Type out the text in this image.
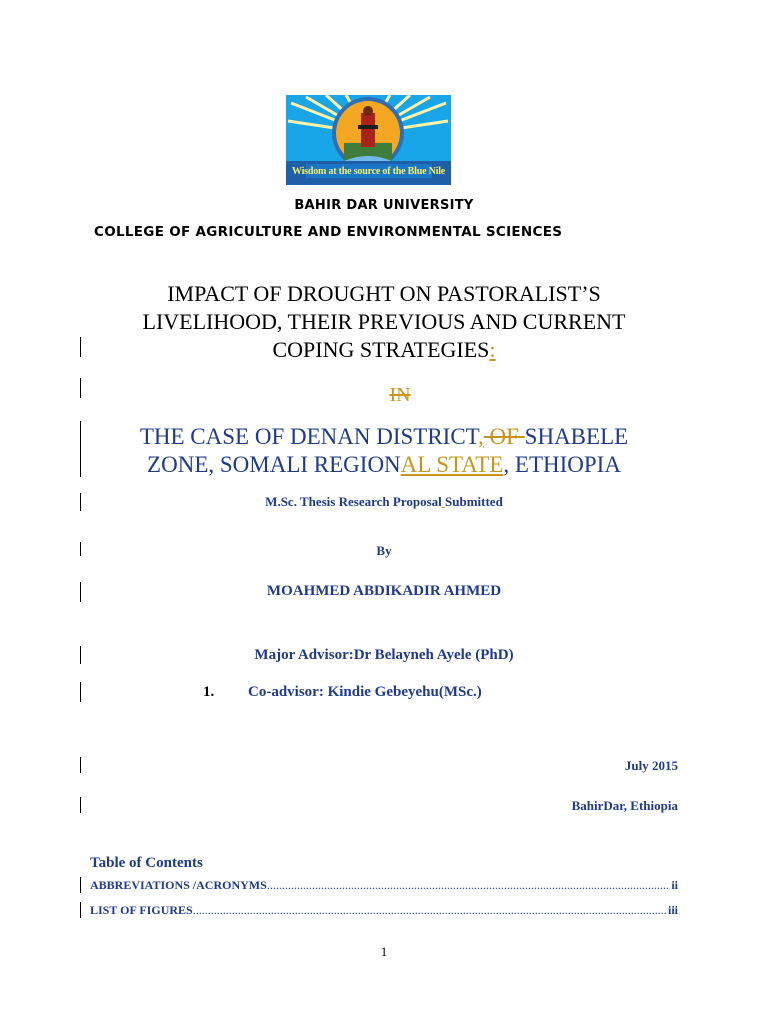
Wisdom at the source of the Blue Nile
BAHIR DAR UNIVERSITY
COLLEGE OF AGRICULTURE AND ENVIRONMENTAL SCIENCES
IMPACT OF DROUGHT ON PASTORALIST’S
LIVELIHOOD, THEIR PREVIOUS AND CURRENT
COPING STRATEGIES:
IN
THE CASE OF DENAN DISTRICT, OF SHABELE
ZONE, SOMALI REGIONAL STATE, ETHIOPIA
M.Sc. Thesis Research Proposal Submitted
By
MOAHMED ABDIKADIR AHMED
Major Advisor:Dr Belayneh Ayele (PhD)
1. Co-advisor: Kindie Gebeyehu(MSc.)
July 2015
BahirDar, Ethiopia
Table of Contents
ABBREVIATIONS /ACRONYMS .....	ii
LIST OF FIGURES .....	iii
1
